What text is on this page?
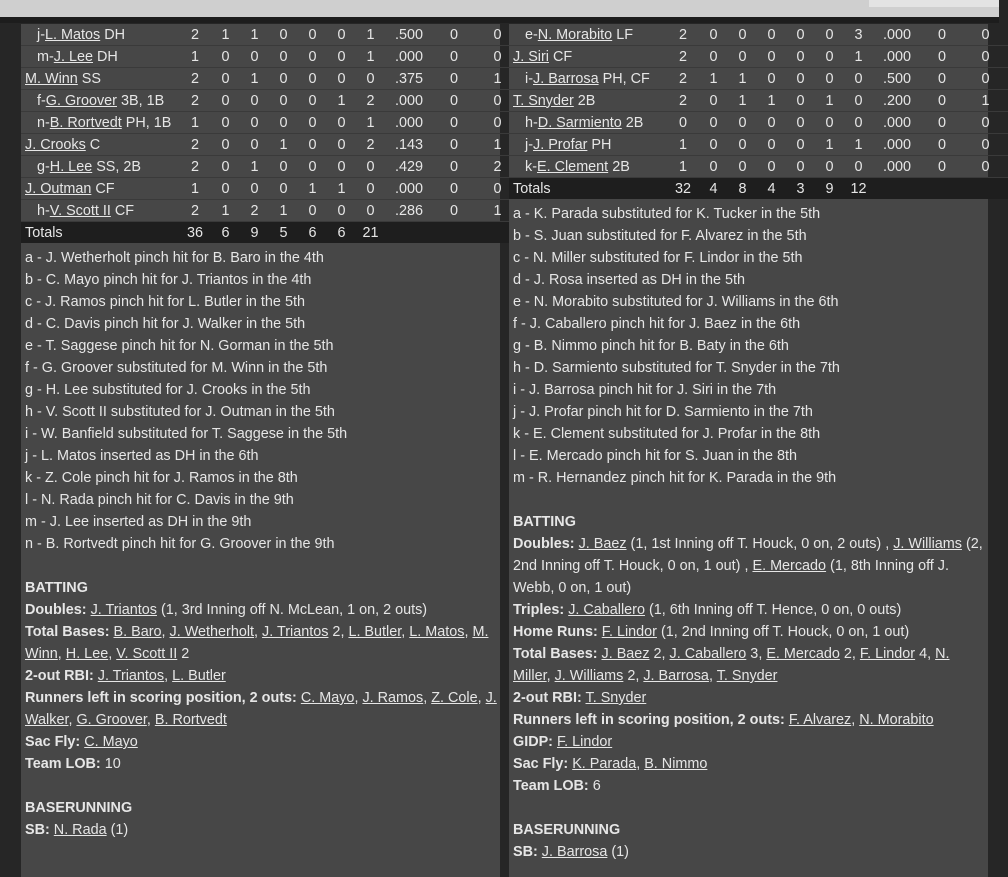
j-L. Matos DH	2	1	1	0	0	0	1	.500	0	0
m-J. Lee DH	1	0	0	0	0	0	1	.000	0	0
M. Winn SS	2	0	1	0	0	0	0	.375	0	1
f-G. Groover 3B, 1B	2	0	0	0	0	1	2	.000	0	0
n-B. Rortvedt PH, 1B	1	0	0	0	0	0	1	.000	0	0
J. Crooks C	2	0	0	1	0	0	2	.143	0	1
g-H. Lee SS, 2B	2	0	1	0	0	0	0	.429	0	2
J. Outman CF	1	0	0	0	1	1	0	.000	0	0
h-V. Scott II CF	2	1	2	1	0	0	0	.286	0	1
Totals	36	6	9	5	6	6	21			
a - J. Wetherholt pinch hit for B. Baro in the 4th
b - C. Mayo pinch hit for J. Triantos in the 4th
c - J. Ramos pinch hit for L. Butler in the 5th
d - C. Davis pinch hit for J. Walker in the 5th
e - T. Saggese pinch hit for N. Gorman in the 5th
f - G. Groover substituted for M. Winn in the 5th
g - H. Lee substituted for J. Crooks in the 5th
h - V. Scott II substituted for J. Outman in the 5th
i - W. Banfield substituted for T. Saggese in the 5th
j - L. Matos inserted as DH in the 6th
k - Z. Cole pinch hit for J. Ramos in the 8th
l - N. Rada pinch hit for C. Davis in the 9th
m - J. Lee inserted as DH in the 9th
n - B. Rortvedt pinch hit for G. Groover in the 9th
BATTING
Doubles: J. Triantos (1, 3rd Inning off N. McLean, 1 on, 2 outs)
Total Bases: B. Baro, J. Wetherholt, J. Triantos 2, L. Butler, L. Matos, M. Winn, H. Lee, V. Scott II 2
2-out RBI: J. Triantos, L. Butler
Runners left in scoring position, 2 outs: C. Mayo, J. Ramos, Z. Cole, J. Walker, G. Groover, B. Rortvedt
Sac Fly: C. Mayo
Team LOB: 10
BASERUNNING
SB: N. Rada (1)
e-N. Morabito LF	2	0	0	0	0	0	3	.000	0	0
J. Siri CF	2	0	0	0	0	0	1	.000	0	0
i-J. Barrosa PH, CF	2	1	1	0	0	0	0	.500	0	0
T. Snyder 2B	2	0	1	1	0	1	0	.200	0	1
h-D. Sarmiento 2B	0	0	0	0	0	0	0	.000	0	0
j-J. Profar PH	1	0	0	0	0	1	1	.000	0	0
k-E. Clement 2B	1	0	0	0	0	0	0	.000	0	0
Totals	32	4	8	4	3	9	12			
a - K. Parada substituted for K. Tucker in the 5th
b - S. Juan substituted for F. Alvarez in the 5th
c - N. Miller substituted for F. Lindor in the 5th
d - J. Rosa inserted as DH in the 5th
e - N. Morabito substituted for J. Williams in the 6th
f - J. Caballero pinch hit for J. Baez in the 6th
g - B. Nimmo pinch hit for B. Baty in the 6th
h - D. Sarmiento substituted for T. Snyder in the 7th
i - J. Barrosa pinch hit for J. Siri in the 7th
j - J. Profar pinch hit for D. Sarmiento in the 7th
k - E. Clement substituted for J. Profar in the 8th
l - E. Mercado pinch hit for S. Juan in the 8th
m - R. Hernandez pinch hit for K. Parada in the 9th
BATTING
Doubles: J. Baez (1, 1st Inning off T. Houck, 0 on, 2 outs) , J. Williams (2, 2nd Inning off T. Houck, 0 on, 1 out) , E. Mercado (1, 8th Inning off J. Webb, 0 on, 1 out)
Triples: J. Caballero (1, 6th Inning off T. Hence, 0 on, 0 outs)
Home Runs: F. Lindor (1, 2nd Inning off T. Houck, 0 on, 1 out)
Total Bases: J. Baez 2, J. Caballero 3, E. Mercado 2, F. Lindor 4, N. Miller, J. Williams 2, J. Barrosa, T. Snyder
2-out RBI: T. Snyder
Runners left in scoring position, 2 outs: F. Alvarez, N. Morabito
GIDP: F. Lindor
Sac Fly: K. Parada, B. Nimmo
Team LOB: 6
BASERUNNING
SB: J. Barrosa (1)
